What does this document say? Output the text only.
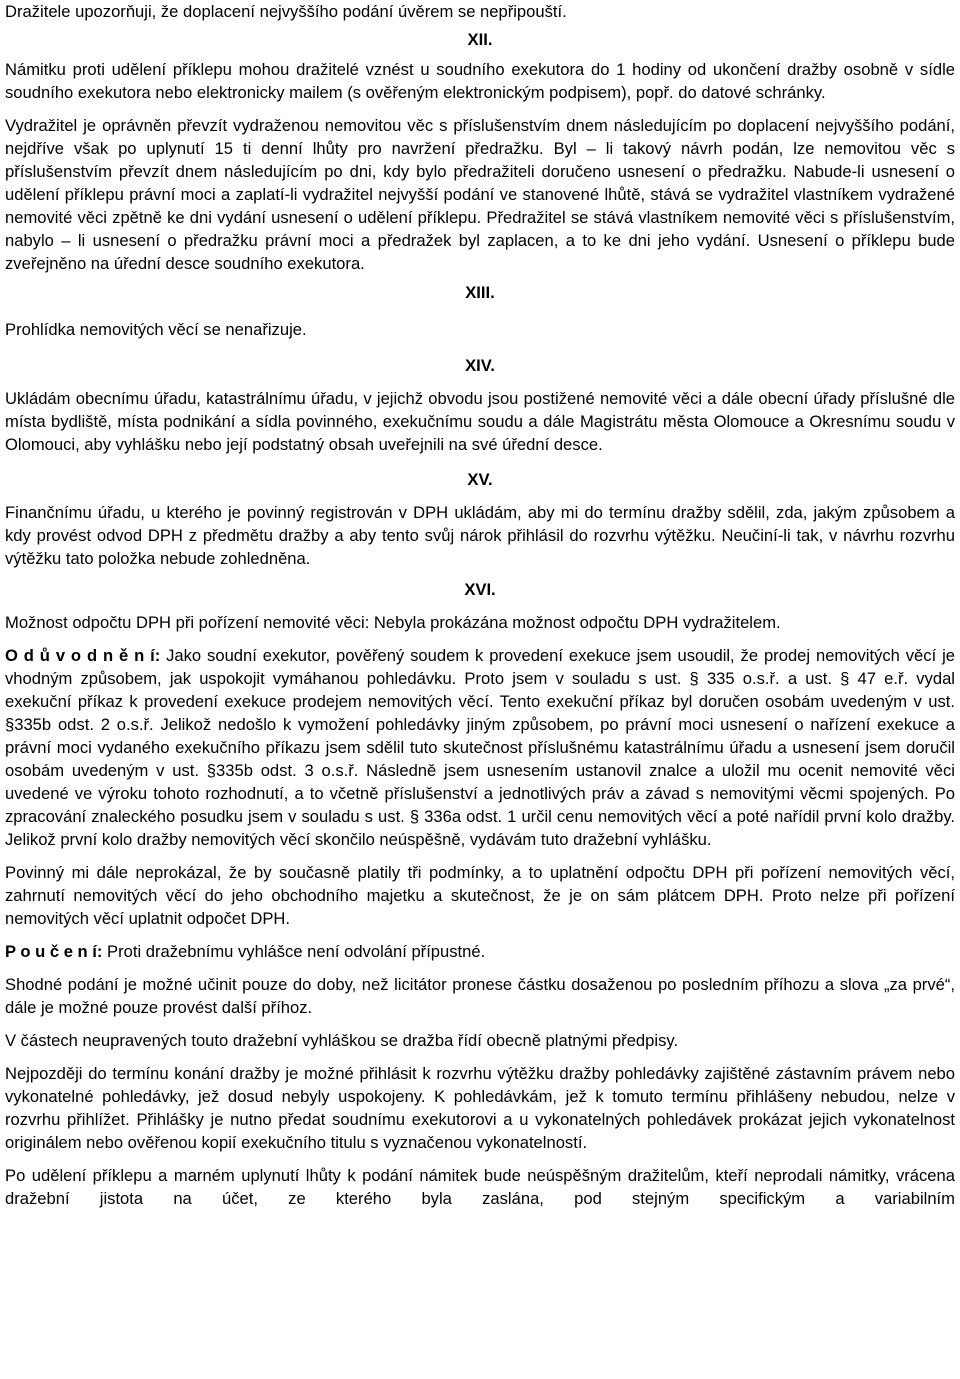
Dražitele upozorňuji, že doplacení nejvyššího podání úvěrem se nepřipouští.

XII.

Námitku proti udělení příklepu mohou dražitelé vznést u soudního exekutora do 1 hodiny od ukončení dražby osobně v sídle soudního exekutora nebo elektronicky mailem (s ověřeným elektronickým podpisem), popř. do datové schránky.

Vydražitel je oprávněn převzít vydraženou nemovitou věc s příslušenstvím dnem následujícím po doplacení nejvyššího podání, nejdříve však po uplynutí 15 ti denní lhůty pro navržení předražku. Byl – li takový návrh podán, lze nemovitou věc s příslušenstvím převzít dnem následujícím po dni, kdy bylo předražiteli doručeno usnesení o předražku. Nabude-li usnesení o udělení příklepu právní moci a zaplatí-li vydražitel nejvyšší podání ve stanovené lhůtě, stává se vydražitel vlastníkem vydražené nemovité věci zpětně ke dni vydání usnesení o udělení příklepu. Předražitel se stává vlastníkem nemovité věci s příslušenstvím, nabylo – li usnesení o předražku právní moci a předražek byl zaplacen, a to ke dni jeho vydání. Usnesení o příklepu bude zveřejněno na úřední desce soudního exekutora.

XIII.
Prohlídka nemovitých věcí se nenařizuje.
XIV.

Ukládám obecnímu úřadu, katastrálnímu úřadu, v jejichž obvodu jsou postižené nemovité věci a dále obecní úřady příslušné dle místa bydliště, místa podnikání a sídla povinného, exekučnímu soudu a dále Magistrátu města Olomouce a Okresnímu soudu v Olomouci, aby vyhlášku nebo její podstatný obsah uveřejnili na své úřední desce.

XV.

Finančnímu úřadu, u kterého je povinný registrován v DPH ukládám, aby mi do termínu dražby sdělil, zda, jakým způsobem a kdy provést odvod DPH z předmětu dražby a aby tento svůj nárok přihlásil do rozvrhu výtěžku. Neučiní-li tak, v návrhu rozvrhu výtěžku tato položka nebude zohledněna.

XVI.

Možnost odpočtu DPH při pořízení nemovité věci: Nebyla prokázána možnost odpočtu DPH vydražitelem.

O d ů v o d n ě n í: Jako soudní exekutor, pověřený soudem k provedení exekuce jsem usoudil, že prodej nemovitých věcí je vhodným způsobem, jak uspokojit vymáhanou pohledávku. Proto jsem v souladu s ust. § 335 o.s.ř. a ust. § 47 e.ř. vydal exekuční příkaz k provedení exekuce prodejem nemovitých věcí. Tento exekuční příkaz byl doručen osobám uvedeným v ust. §335b odst. 2 o.s.ř. Jelikož nedošlo k vymožení pohledávky jiným způsobem, po právní moci usnesení o nařízení exekuce a právní moci vydaného exekučního příkazu jsem sdělil tuto skutečnost příslušnému katastrálnímu úřadu a usnesení jsem doručil osobám uvedeným v ust. §335b odst. 3 o.s.ř. Následně jsem usnesením ustanovil znalce a uložil mu ocenit nemovité věci uvedené ve výroku tohoto rozhodnutí, a to včetně příslušenství a jednotlivých práv a závad s nemovitými věcmi spojených. Po zpracování znaleckého posudku jsem v souladu s ust. § 336a odst. 1 určil cenu nemovitých věcí a poté nařídil první kolo dražby. Jelikož první kolo dražby nemovitých věcí skončilo neúspěšně, vydávám tuto dražební vyhlášku.

Povinný mi dále neprokázal, že by současně platily tři podmínky, a to uplatnění odpočtu DPH při pořízení nemovitých věcí, zahrnutí nemovitých věcí do jeho obchodního majetku a skutečnost, že je on sám plátcem DPH. Proto nelze při pořízení nemovitých věcí uplatnit odpočet DPH.

P o u č e n í: Proti dražebnímu vyhlášce není odvolání přípustné.

Shodné podání je možné učinit pouze do doby, než licitátor pronese částku dosaženou po posledním příhozu a slova „za prvé“, dále je možné pouze provést další příhoz.

V částech neupravených touto dražební vyhláškou se dražba řídí obecně platnými předpisy.

Nejpozději do termínu konání dražby je možné přihlásit k rozvrhu výtěžku dražby pohledávky zajištěné zástavním právem nebo vykonatelné pohledávky, jež dosud nebyly uspokojeny. K pohledávkám, jež k tomuto termínu přihlášeny nebudou, nelze v rozvrhu přihlížet. Přihlášky je nutno předat soudnímu exekutorovi a u vykonatelných pohledávek prokázat jejich vykonatelnost originálem nebo ověřenou kopií exekučního titulu s vyznačenou vykonatelností.

Po udělení příklepu a marném uplynutí lhůty k podání námitek bude neúspěšným dražitelům, kteří neprodali námitky, vrácena dražební jistota na účet, ze kterého byla zaslána, pod stejným specifickým a variabilním
